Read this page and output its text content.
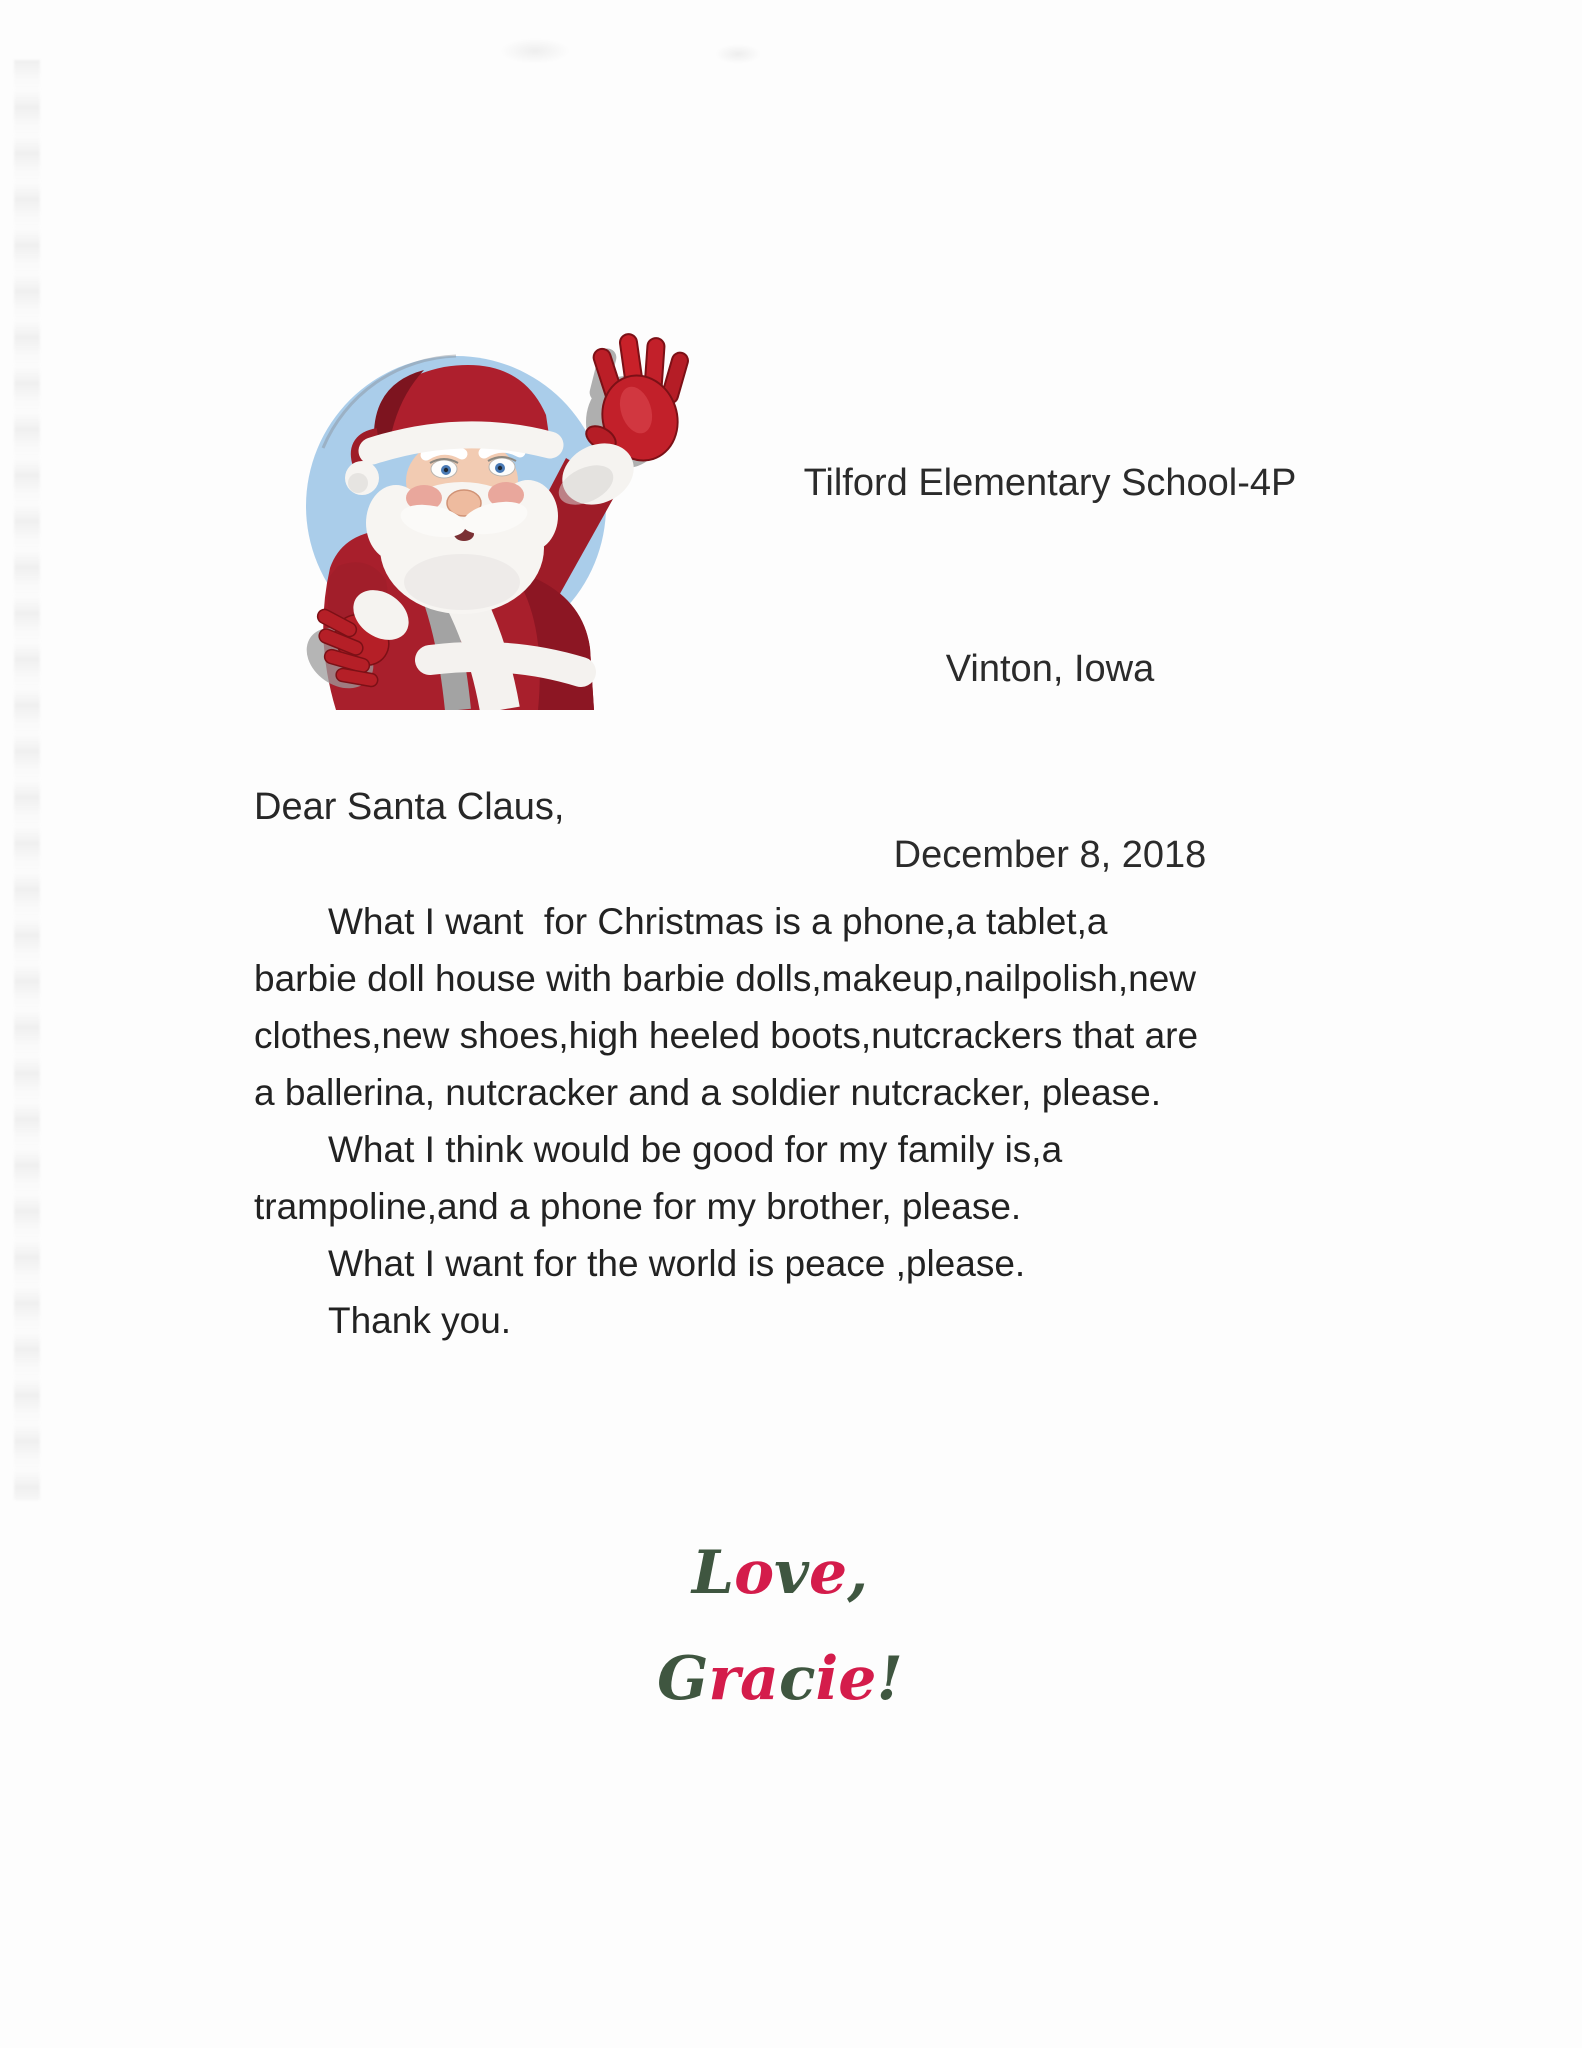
Tilford Elementary School-4P

Vinton, Iowa

December 8, 2018

Dear Santa Claus,
What I want  for Christmas is a phone,a tablet,a
barbie doll house with barbie dolls,makeup,nailpolish,new
clothes,new shoes,high heeled boots,nutcrackers that are
a ballerina, nutcracker and a soldier nutcracker, please.
What I think would be good for my family is,a
trampoline,and a phone for my brother, please.
What I want for the world is peace ,please.
Thank you.
Love,
Gracie!
